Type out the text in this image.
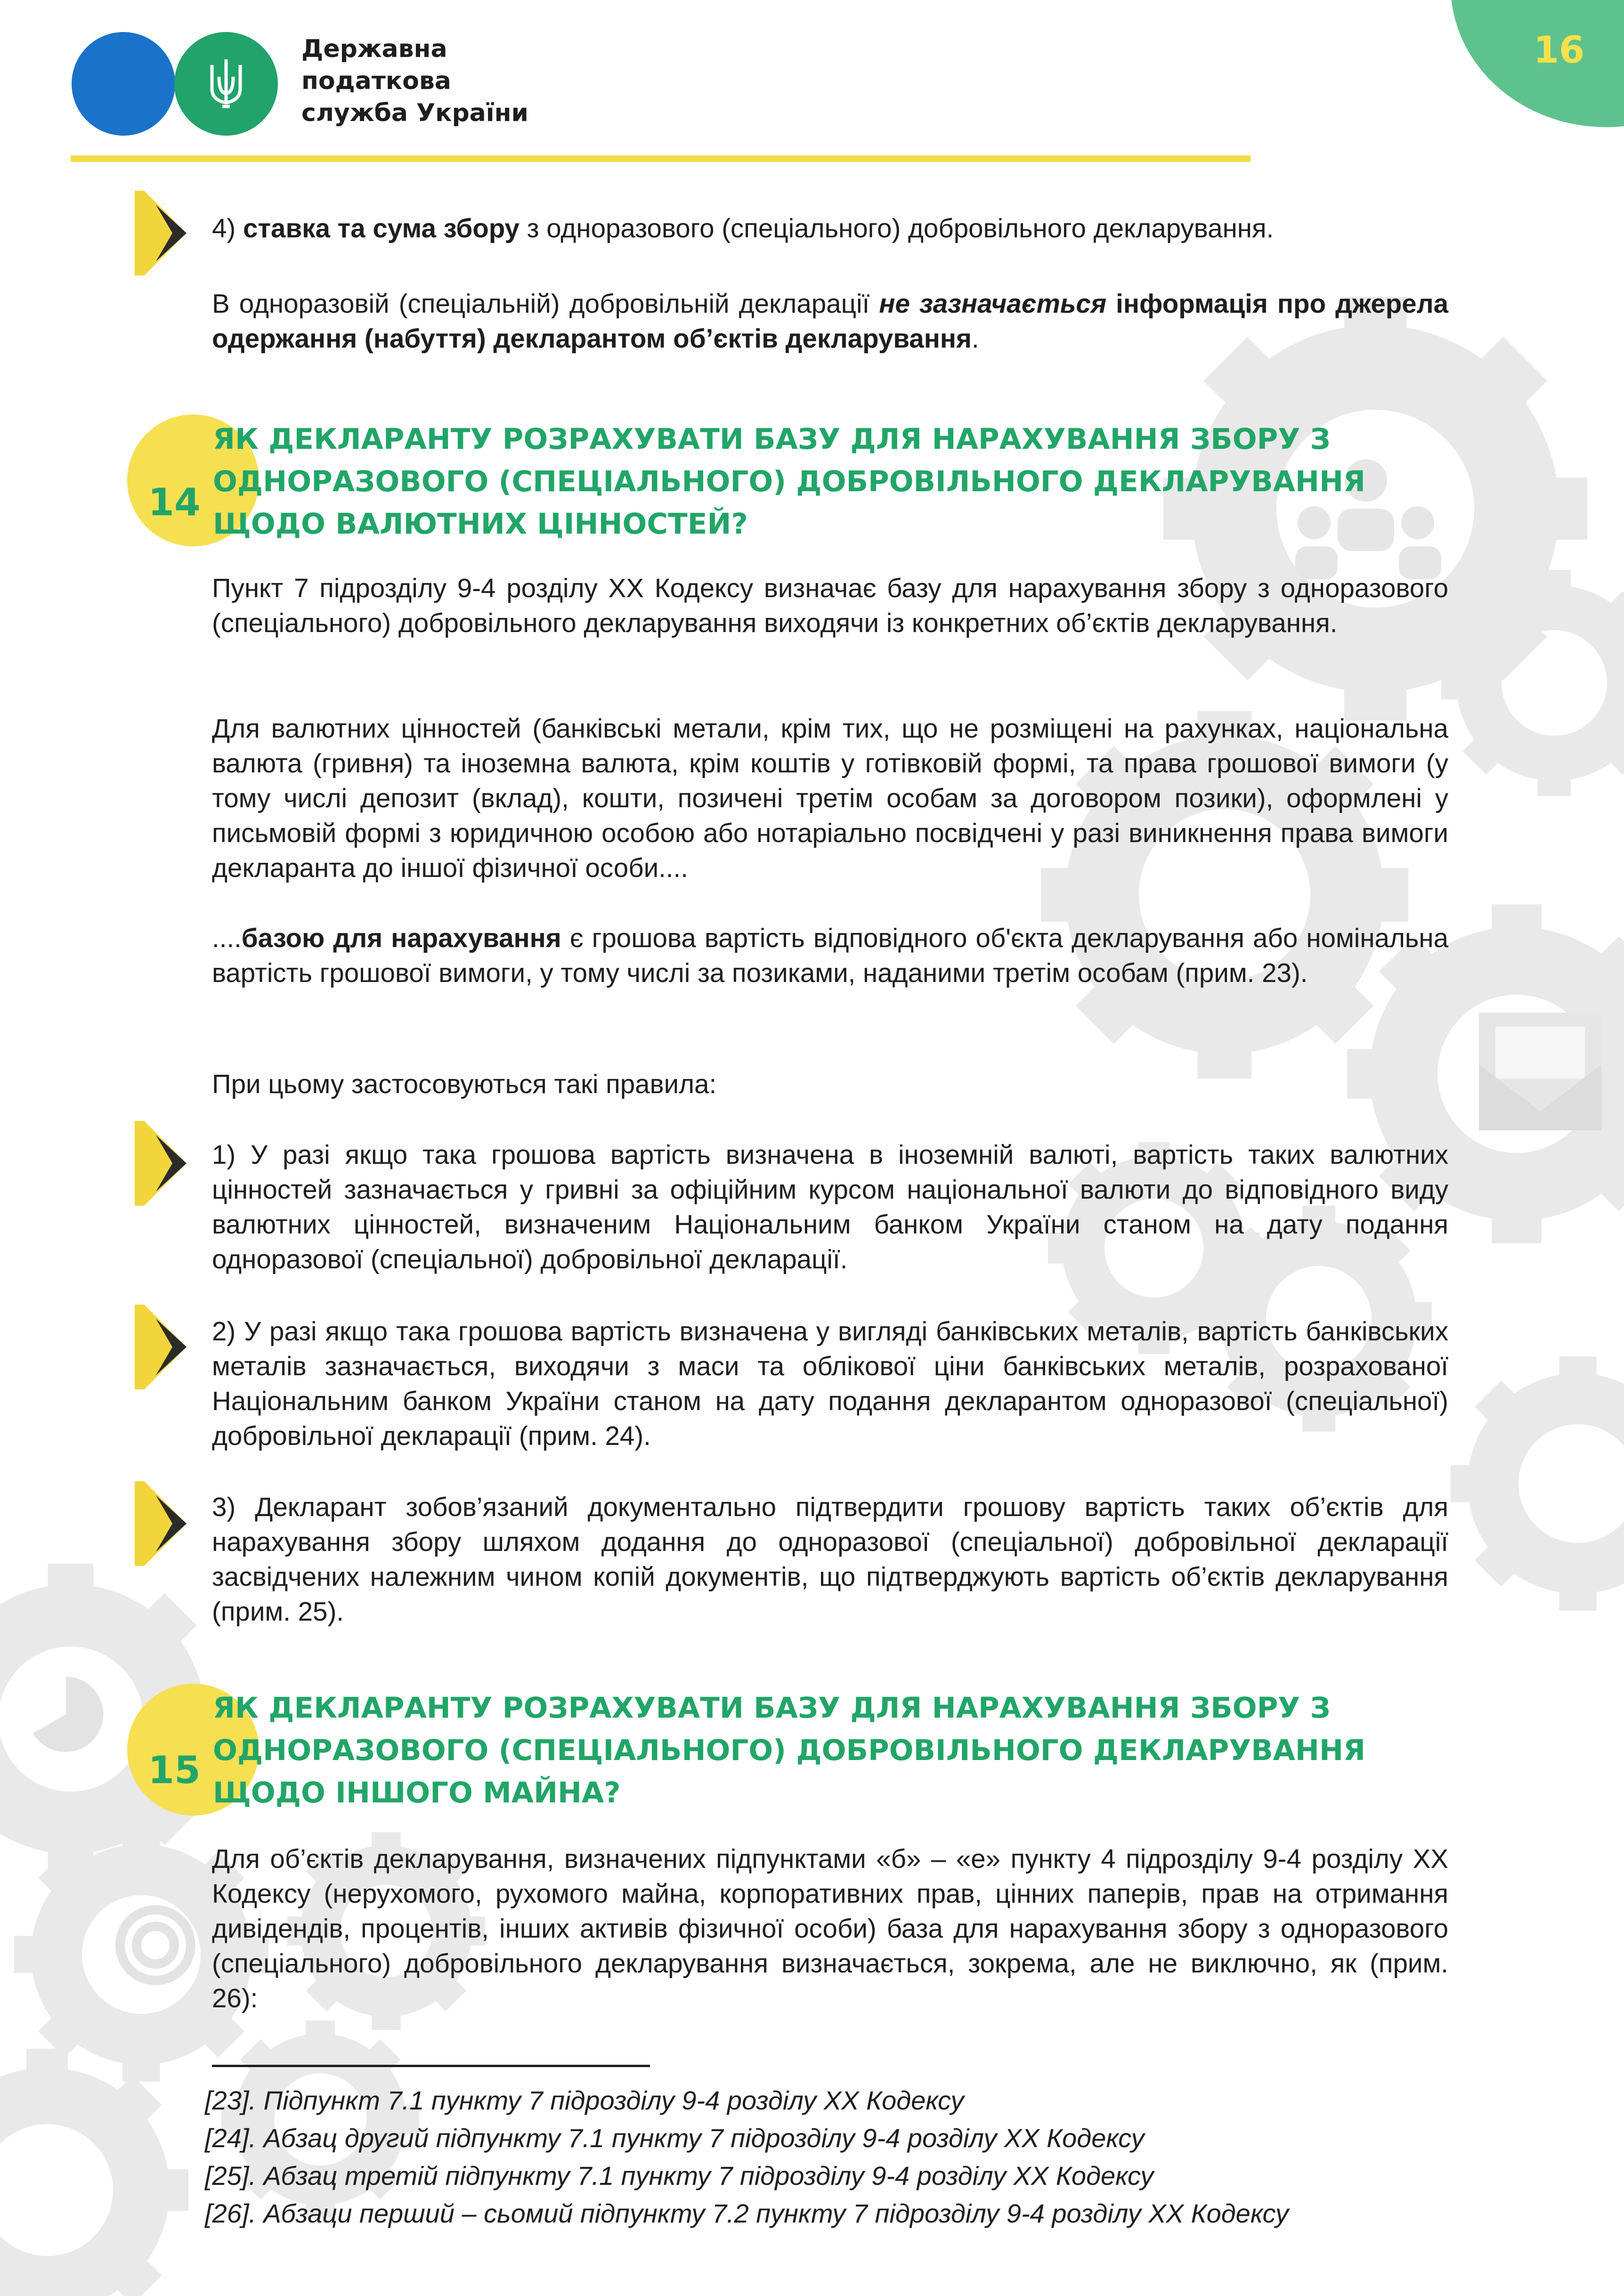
Державна
податкова
служба України
16
4) ставка та сума збору з одноразового (спеціального) добровільного декларування.
В одноразовій (спеціальній) добровільній декларації не зазначається інформація про джерела одержання (набуття) декларантом об’єктів декларування.
14
ЯК ДЕКЛАРАНТУ РОЗРАХУВАТИ БАЗУ ДЛЯ НАРАХУВАННЯ ЗБОРУ З
ОДНОРАЗОВОГО (СПЕЦІАЛЬНОГО) ДОБРОВІЛЬНОГО ДЕКЛАРУВАННЯ
ЩОДО ВАЛЮТНИХ ЦІННОСТЕЙ?
Пункт 7 підрозділу 9-4 розділу XX Кодексу визначає базу для нарахування збору з одноразового (спеціального) добровільного декларування виходячи із конкретних об’єктів декларування.
Для валютних цінностей (банківські метали, крім тих, що не розміщені на рахунках, національна валюта (гривня) та іноземна валюта, крім коштів у готівковій формі, та права грошової вимоги (у тому числі депозит (вклад), кошти, позичені третім особам за договором позики), оформлені у письмовій формі з юридичною особою або нотаріально посвідчені у разі виникнення права вимоги декларанта до іншої фізичної особи....
....базою для нарахування є грошова вартість відповідного об'єкта декларування або номінальна вартість грошової вимоги, у тому числі за позиками, наданими третім особам (прим. 23).
При цьому застосовуються такі правила:
1) У разі якщо така грошова вартість визначена в іноземній валюті, вартість таких валютних цінностей зазначається у гривні за офіційним курсом національної валюти до відповідного виду валютних цінностей, визначеним Національним банком України станом на дату подання одноразової (спеціальної) добровільної декларації.
2) У разі якщо така грошова вартість визначена у вигляді банківських металів, вартість банківських металів зазначається, виходячи з маси та облікової ціни банківських металів, розрахованої Національним банком України станом на дату подання декларантом одноразової (спеціальної) добровільної декларації (прим. 24).
3) Декларант зобов’язаний документально підтвердити грошову вартість таких об’єктів для нарахування збору шляхом додання до одноразової (спеціальної) добровільної декларації засвідчених належним чином копій документів, що підтверджують вартість об’єктів декларування (прим. 25).
15
ЯК ДЕКЛАРАНТУ РОЗРАХУВАТИ БАЗУ ДЛЯ НАРАХУВАННЯ ЗБОРУ З
ОДНОРАЗОВОГО (СПЕЦІАЛЬНОГО) ДОБРОВІЛЬНОГО ДЕКЛАРУВАННЯ
ЩОДО ІНШОГО МАЙНА?
Для об’єктів декларування, визначених підпунктами «б» – «е» пункту 4 підрозділу 9-4 розділу XX Кодексу (нерухомого, рухомого майна, корпоративних прав, цінних паперів, прав на отримання дивідендів, процентів, інших активів фізичної особи) база для нарахування збору з одноразового (спеціального) добровільного декларування визначається, зокрема, але не виключно, як (прим. 26):
[23]. Підпункт 7.1 пункту 7 підрозділу 9-4 розділу XX Кодексу
[24]. Абзац другий підпункту 7.1 пункту 7 підрозділу 9-4 розділу XX Кодексу
[25]. Абзац третій підпункту 7.1 пункту 7 підрозділу 9-4 розділу XX Кодексу
[26]. Абзаци перший – сьомий підпункту 7.2 пункту 7 підрозділу 9-4 розділу XX Кодексу
